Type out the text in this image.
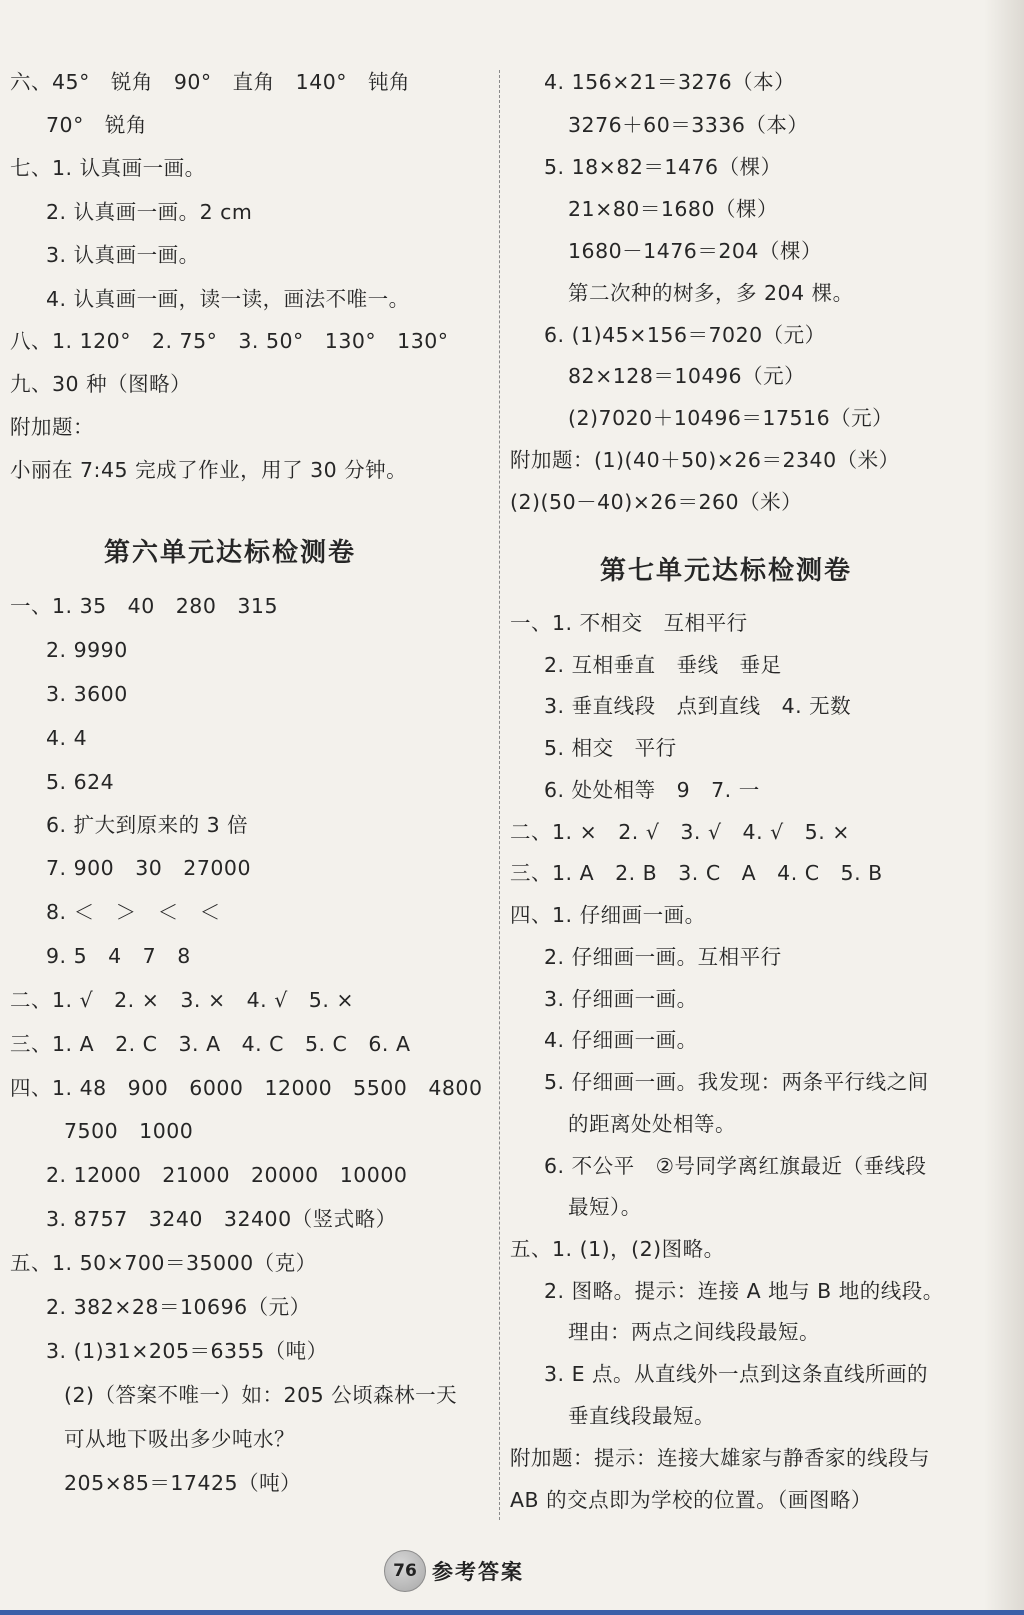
六、45°　锐角　90°　直角　140°　钝角
70°　锐角
七、1. 认真画一画。
2. 认真画一画。2 cm
3. 认真画一画。
4. 认真画一画，读一读，画法不唯一。
八、1. 120°　2. 75°　3. 50°　130°　130°
九、30 种（图略）
附加题：
小丽在 7:45 完成了作业，用了 30 分钟。
第六单元达标检测卷
一、1. 35　40　280　315
2. 9990
3. 3600
4. 4
5. 624
6. 扩大到原来的 3 倍
7. 900　30　27000
8. ＜　＞　＜　＜
9. 5　4　7　8
二、1. √　2. ×　3. ×　4. √　5. ×
三、1. A　2. C　3. A　4. C　5. C　6. A
四、1. 48　900　6000　12000　5500　4800
7500　1000
2. 12000　21000　20000　10000
3. 8757　3240　32400（竖式略）
五、1. 50×700＝35000（克）
2. 382×28＝10696（元）
3. (1)31×205＝6355（吨）
(2)（答案不唯一）如：205 公顷森林一天
可从地下吸出多少吨水？
205×85＝17425（吨）
4. 156×21＝3276（本）
3276＋60＝3336（本）
5. 18×82＝1476（棵）
21×80＝1680（棵）
1680－1476＝204（棵）
第二次种的树多，多 204 棵。
6. (1)45×156＝7020（元）
82×128＝10496（元）
(2)7020＋10496＝17516（元）
附加题：(1)(40＋50)×26＝2340（米）
(2)(50－40)×26＝260（米）
第七单元达标检测卷
一、1. 不相交　互相平行
2. 互相垂直　垂线　垂足
3. 垂直线段　点到直线　4. 无数
5. 相交　平行
6. 处处相等　9　7. 一
二、1. ×　2. √　3. √　4. √　5. ×
三、1. A　2. B　3. C　A　4. C　5. B
四、1. 仔细画一画。
2. 仔细画一画。互相平行
3. 仔细画一画。
4. 仔细画一画。
5. 仔细画一画。我发现：两条平行线之间
的距离处处相等。
6. 不公平　②号同学离红旗最近（垂线段
最短）。
五、1. (1)，(2)图略。
2. 图略。提示：连接 A 地与 B 地的线段。
理由：两点之间线段最短。
3. E 点。从直线外一点到这条直线所画的
垂直线段最短。
附加题：提示：连接大雄家与静香家的线段与
AB 的交点即为学校的位置。（画图略）
76 参考答案
